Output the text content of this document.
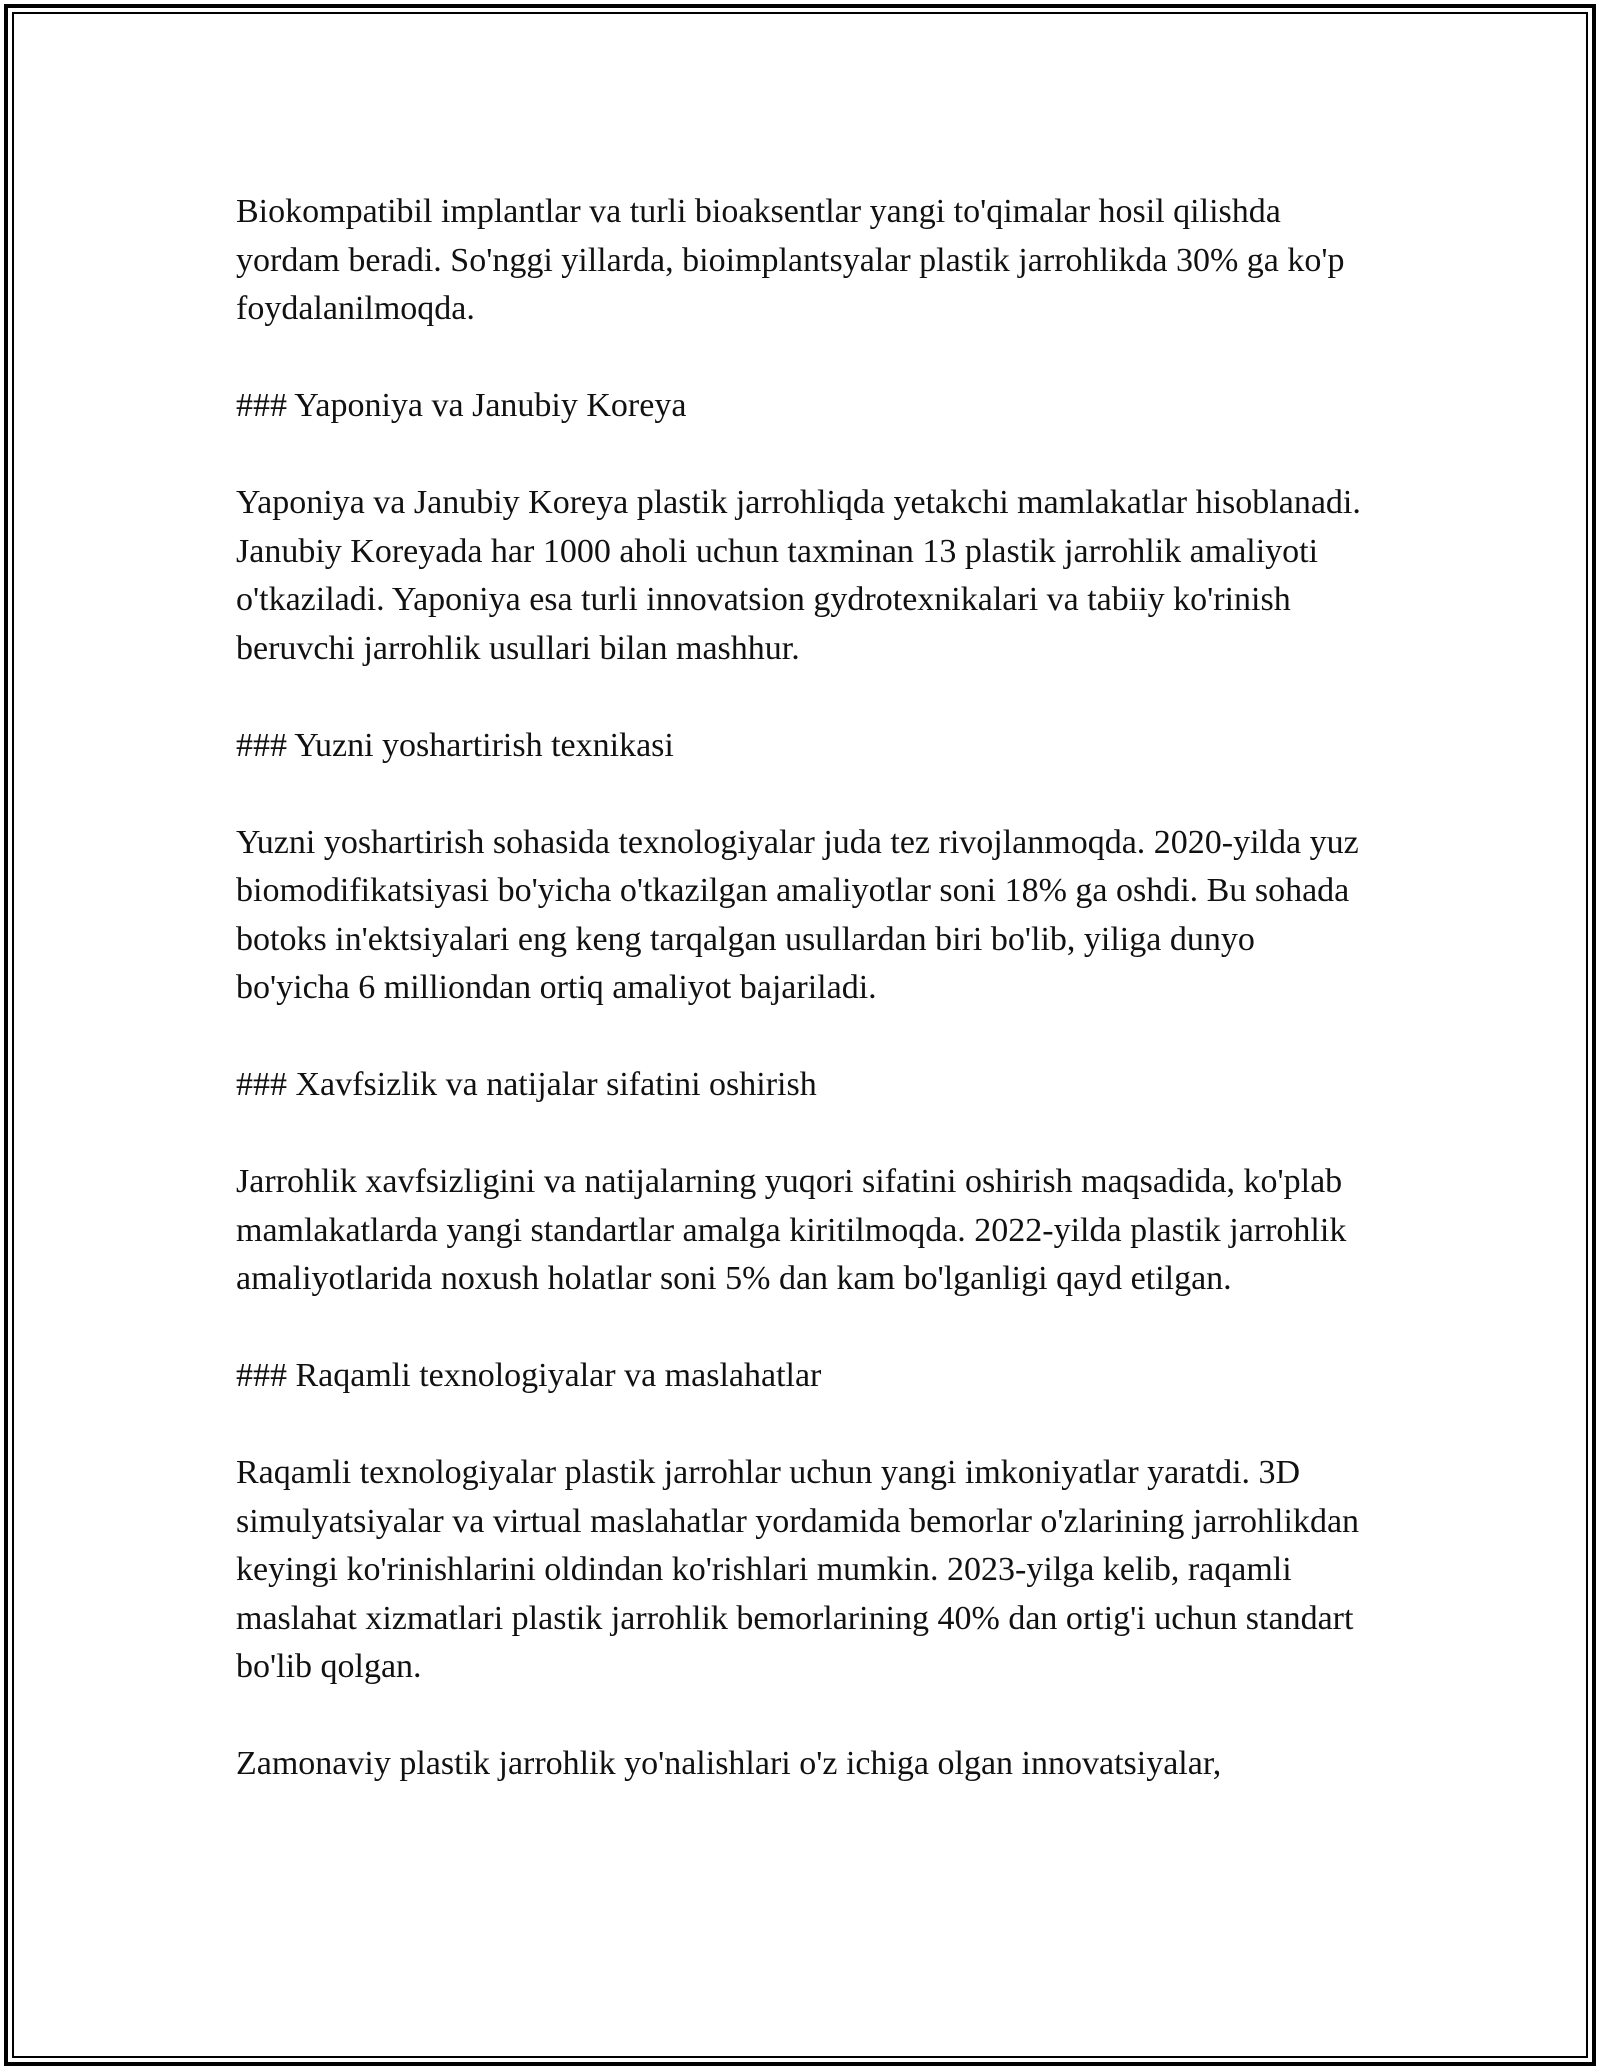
Biokompatibil implantlar va turli bioaksentlar yangi to'qimalar hosil qilishda yordam beradi. So'nggi yillarda, bioimplantsyalar plastik jarrohlikda 30% ga ko'p foydalanilmoqda.

### Yaponiya va Janubiy Koreya

Yaponiya va Janubiy Koreya plastik jarrohliqda yetakchi mamlakatlar hisoblanadi. Janubiy Koreyada har 1000 aholi uchun taxminan 13 plastik jarrohlik amaliyoti o'tkaziladi. Yaponiya esa turli innovatsion gydrotexnikalari va tabiiy ko'rinish beruvchi jarrohlik usullari bilan mashhur.

### Yuzni yoshartirish texnikasi

Yuzni yoshartirish sohasida texnologiyalar juda tez rivojlanmoqda. 2020-yilda yuz biomodifikatsiyasi bo'yicha o'tkazilgan amaliyotlar soni 18% ga oshdi. Bu sohada botoks in'ektsiyalari eng keng tarqalgan usullardan biri bo'lib, yiliga dunyo bo'yicha 6 milliondan ortiq amaliyot bajariladi.

### Xavfsizlik va natijalar sifatini oshirish

Jarrohlik xavfsizligini va natijalarning yuqori sifatini oshirish maqsadida, ko'plab mamlakatlarda yangi standartlar amalga kiritilmoqda. 2022-yilda plastik jarrohlik amaliyotlarida noxush holatlar soni 5% dan kam bo'lganligi qayd etilgan.

### Raqamli texnologiyalar va maslahatlar

Raqamli texnologiyalar plastik jarrohlar uchun yangi imkoniyatlar yaratdi. 3D simulyatsiyalar va virtual maslahatlar yordamida bemorlar o'zlarining jarrohlikdan keyingi ko'rinishlarini oldindan ko'rishlari mumkin. 2023-yilga kelib, raqamli maslahat xizmatlari plastik jarrohlik bemorlarining 40% dan ortig'i uchun standart bo'lib qolgan.

Zamonaviy plastik jarrohlik yo'nalishlari o'z ichiga olgan innovatsiyalar,
